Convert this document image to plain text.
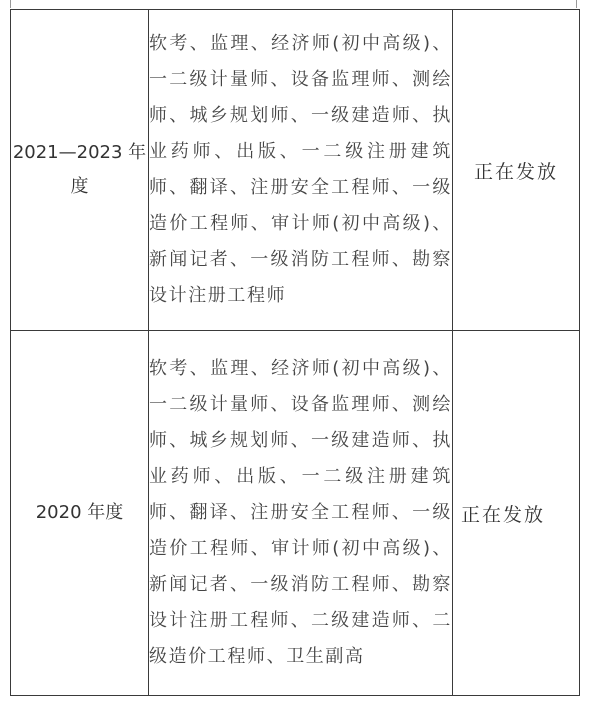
2021—2023 年度	软考、监理、经济师(初中高级)、一二级计量师、设备监理师、测绘师、城乡规划师、一级建造师、执业药师、出版、一二级注册建筑师、翻译、注册安全工程师、一级造价工程师、审计师(初中高级)、新闻记者、一级消防工程师、勘察设计注册工程师	正在发放
2020 年度	软考、监理、经济师(初中高级)、一二级计量师、设备监理师、测绘师、城乡规划师、一级建造师、执业药师、出版、一二级注册建筑师、翻译、注册安全工程师、一级造价工程师、审计师(初中高级)、新闻记者、一级消防工程师、勘察设计注册工程师、二级建造师、二级造价工程师、卫生副高	正在发放
